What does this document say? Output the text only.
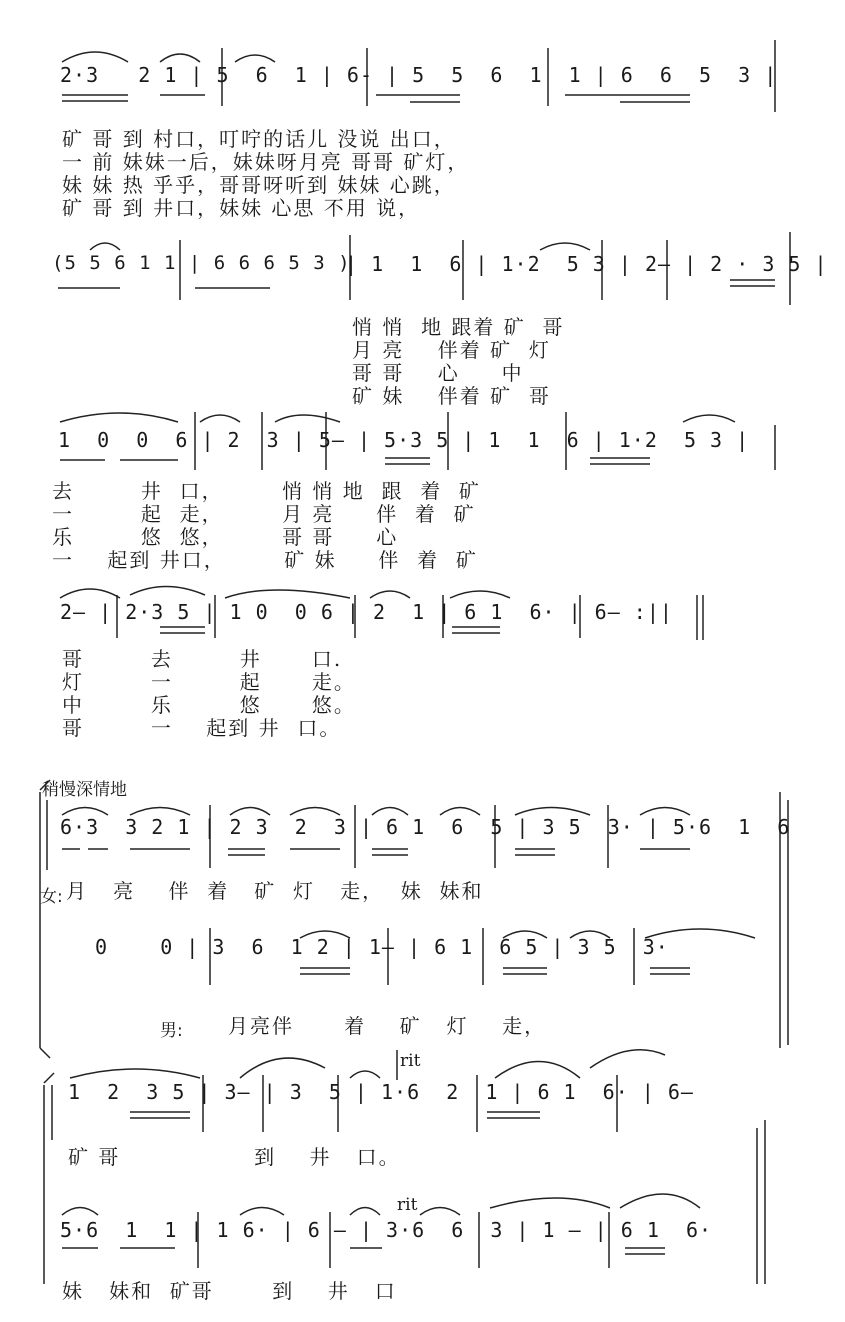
2·3   2 1 | 5  6  1 | 6- | 5  5  6  1  1 | 6  6  5  3 |
矿 哥 到 村口，叮咛的话儿 没说 出口，
一 前 妹妹一后，妹妹呀月亮 哥哥 矿灯，
妹 妹 热 乎乎，哥哥呀听到 妹妹 心跳，
矿 哥 到 井口，妹妹 心思 不用 说，
(5 5 6 1 1 | 6 6 6 5 3 )
| 1  1  6 | 1·2  5 3 | 2— | 2 · 3 5 |
悄 悄  地 跟着 矿  哥
月 亮    伴着 矿  灯
哥 哥    心     中
矿 妹    伴着 矿  哥
1  0  0  6 | 2  3 | 5— | 5·3 5 | 1  1  6 | 1·2  5 3 |
去        井  口，       悄 悄 地  跟  着  矿
一        起  走，       月 亮     伴  着  矿
乐        悠  悠，       哥 哥     心
一    起到 井口，       矿 妹     伴  着  矿
2— | 2·3 5 | 1 0  0 6 | 2  1 | 6 1  6· | 6— :||
哥        去        井      口.
灯        一        起      走。
中        乐        悠      悠。
哥        一    起到 井  口。
稍慢深情地
6·3  3 2 1 | 2 3  2  3 | 6 1  6  5 | 3 5  3· | 5·6  1  6
女: 月   亮    伴  着   矿  灯   走，  妹  妹和
0    0 | 3  6  1 2 | 1— | 6 1  6 5 | 3 5  3·
男: 月亮伴      着    矿   灯    走，
rit
1  2  3 5 | 3— | 3  5 | 1·6  2  1 | 6 1  6· | 6—
矿 哥                到    井   口。
rit
5·6  1  1 | 1 6· | 6 — | 3·6  6  3 | 1 — | 6 1  6·
妹   妹和  矿哥       到    井   口
